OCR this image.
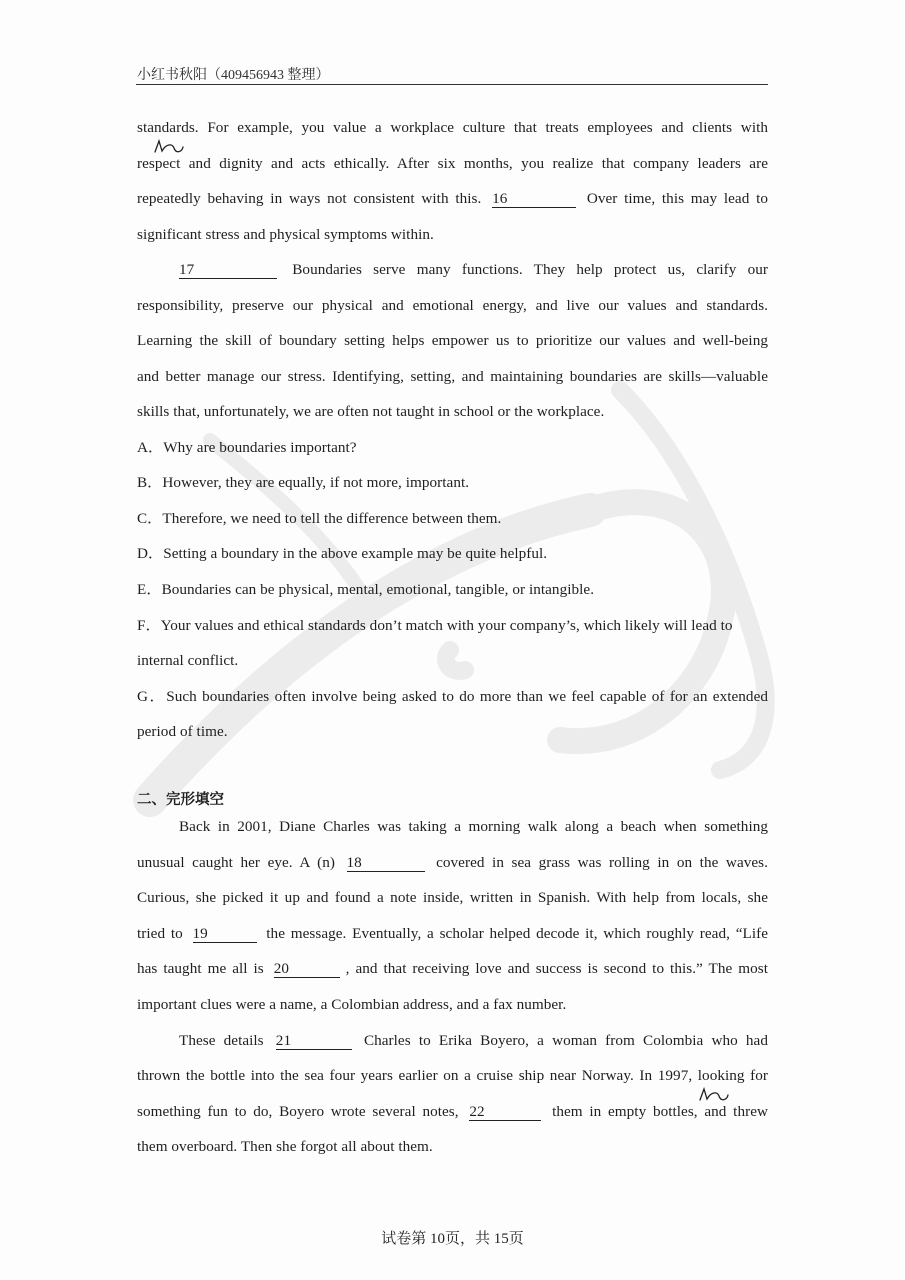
小红书秋阳（409456943 整理）
standards. For example, you value a workplace culture that treats employees and clients with
respect and dignity and acts ethically. After six months, you realize that company leaders are
repeatedly behaving in ways not consistent with this. 16	Over time, this may lead to
significant stress and physical symptoms within.
17	Boundaries serve many functions. They help protect us, clarify our
responsibility, preserve our physical and emotional energy, and live our values and standards.
Learning the skill of boundary setting helps empower us to prioritize our values and well-being
and better manage our stress. Identifying, setting, and maintaining boundaries are skills—valuable
skills that, unfortunately, we are often not taught in school or the workplace.
A．Why are boundaries important?
B．However, they are equally, if not more, important.
C．Therefore, we need to tell the difference between them.
D．Setting a boundary in the above example may be quite helpful.
E．Boundaries can be physical, mental, emotional, tangible, or intangible.
F．Your values and ethical standards don’t match with your company’s, which likely will lead to
internal conflict.
G．Such boundaries often involve being asked to do more than we feel capable of for an extended
period of time.
二、完形填空
Back in 2001, Diane Charles was taking a morning walk along a beach when something
unusual caught her eye. A (n) 18	covered in sea grass was rolling in on the waves.
Curious, she picked it up and found a note inside, written in Spanish. With help from locals, she
tried to 19	the message. Eventually, a scholar helped decode it, which roughly read, “Life
has taught me all is 20	, and that receiving love and success is second to this.” The most
important clues were a name, a Colombian address, and a fax number.
These details 21	Charles to Erika Boyero, a woman from Colombia who had
thrown the bottle into the sea four years earlier on a cruise ship near Norway. In 1997, looking for
something fun to do, Boyero wrote several notes, 22	them in empty bottles, and threw
them overboard. Then she forgot all about them.
试卷第 10页，共 15页
